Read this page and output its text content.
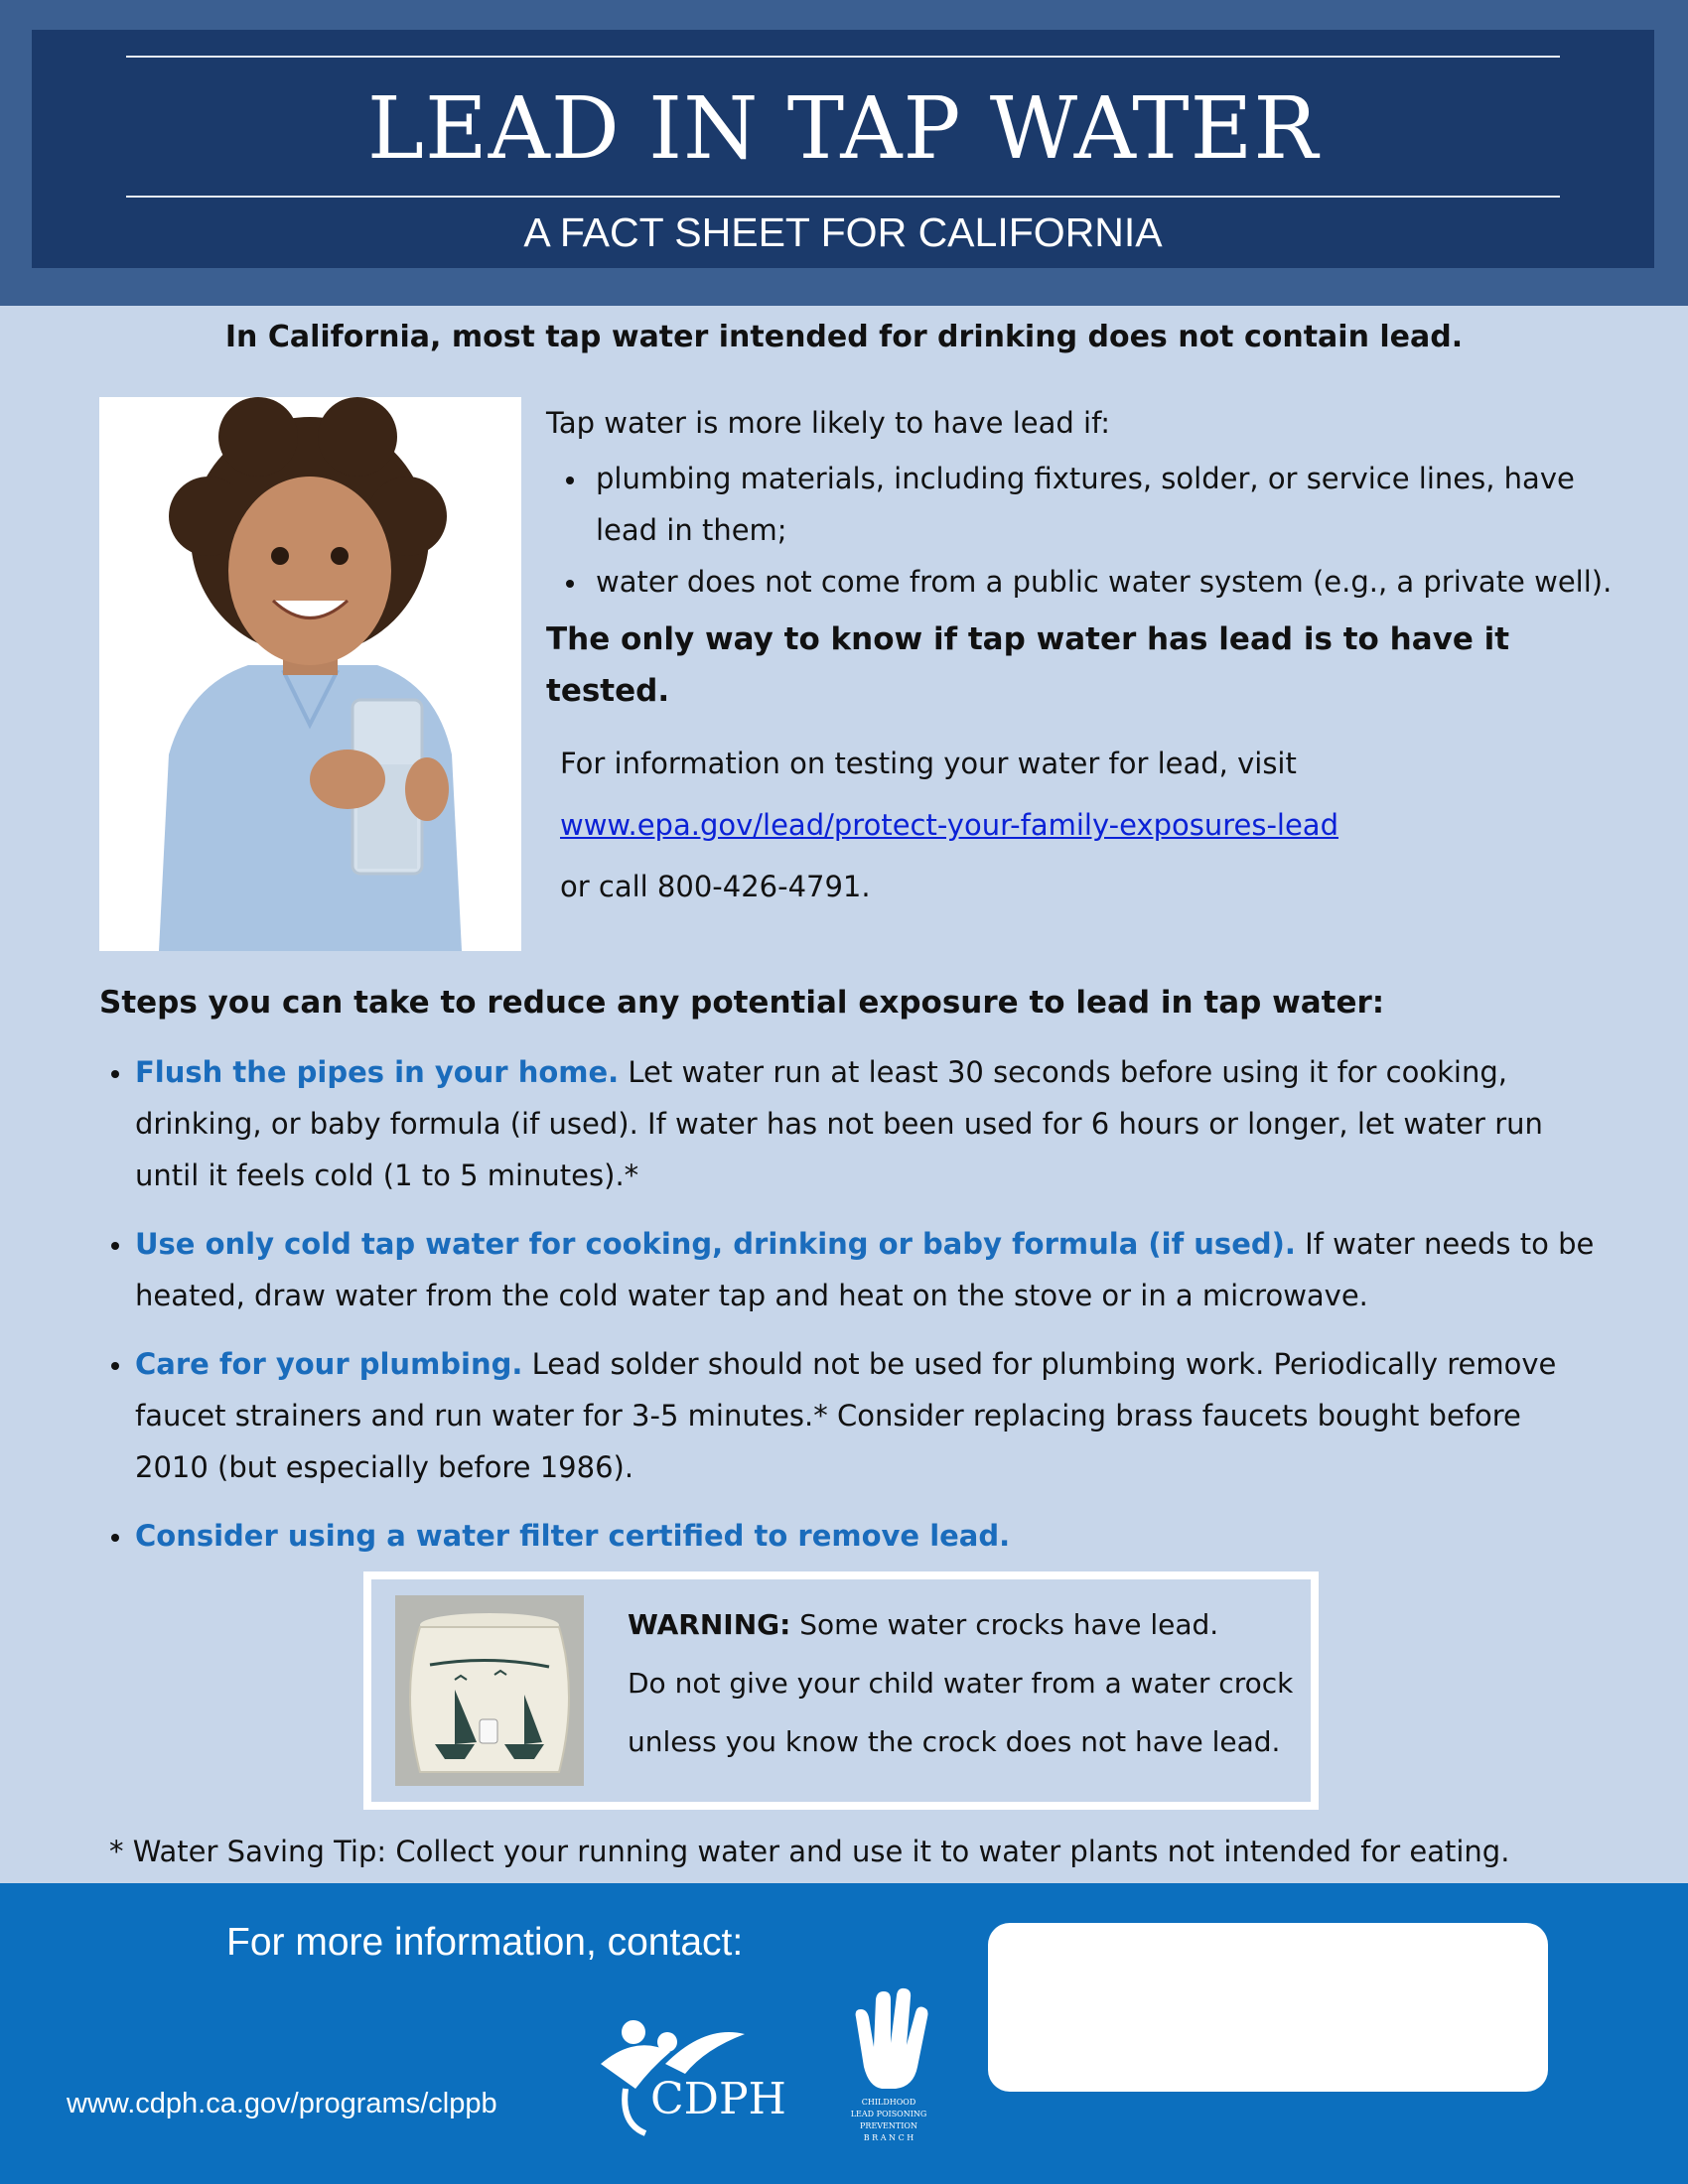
LEAD IN TAP WATER
A FACT SHEET FOR CALIFORNIA
In California, most tap water intended for drinking does not contain lead.

Tap water is more likely to have lead if:

plumbing materials, including fixtures, solder, or service lines, have lead in them;
water does not come from a public water system (e.g., a private well).

The only way to know if tap water has lead is to have it tested.

For information on testing your water for lead, visit

www.epa.gov/lead/protect-your-family-exposures-lead

or call 800-426-4791.

Steps you can take to reduce any potential exposure to lead in tap water:
Flush the pipes in your home. Let water run at least 30 seconds before using it for cooking, drinking, or baby formula (if used). If water has not been used for 6 hours or longer, let water run until it feels cold (1 to 5 minutes).*
Use only cold tap water for cooking, drinking or baby formula (if used). If water needs to be heated, draw water from the cold water tap and heat on the stove or in a microwave.
Care for your plumbing. Lead solder should not be used for plumbing work. Periodically remove faucet strainers and run water for 3-5 minutes.* Consider replacing brass faucets bought before 2010 (but especially before 1986).
Consider using a water filter certified to remove lead.

WARNING: Some water crocks have lead.

Do not give your child water from a water crock

unless you know the crock does not have lead.

* Water Saving Tip: Collect your running water and use it to water plants not intended for eating.
For more information, contact:
www.cdph.ca.gov/programs/clppb	CDPH	CHILDHOOD
LEAD POISONING
PREVENTION
B R A N C H
